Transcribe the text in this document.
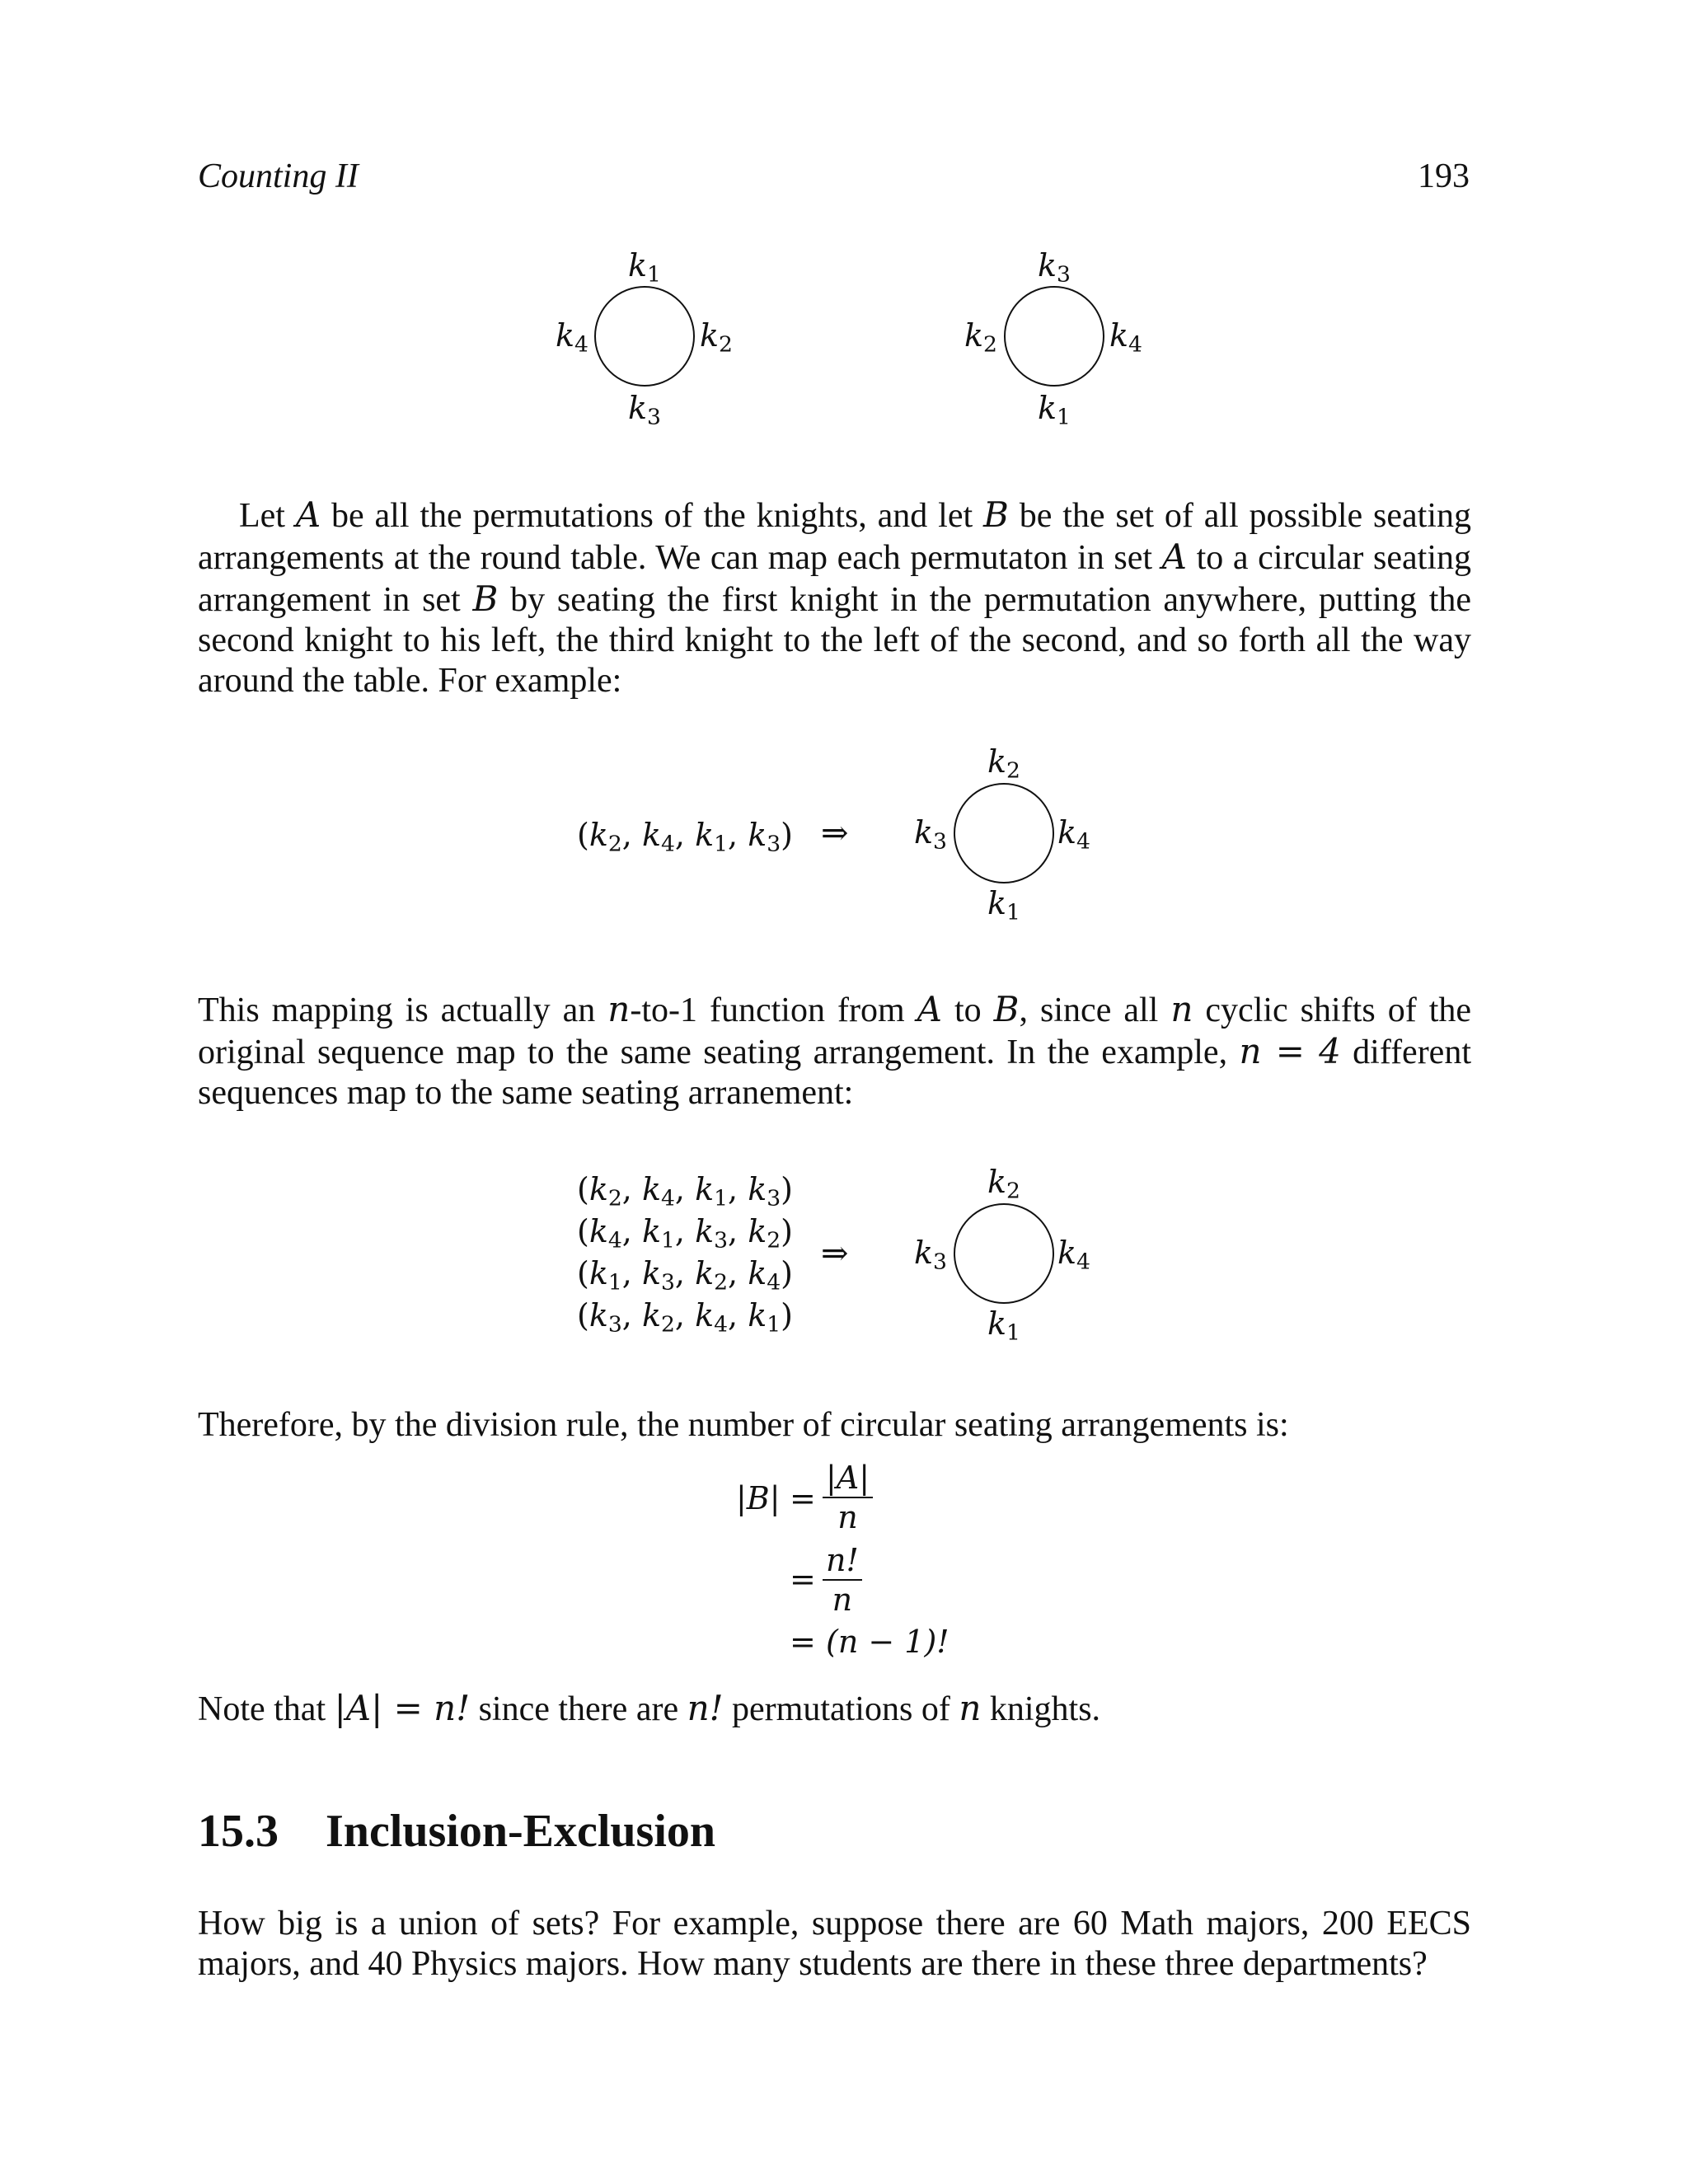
Counting II	193
$k_1$
$k_2$
$k_3$
$k_4$
$k_3$
$k_4$
$k_1$
$k_2$

Let A be all the permutations of the knights, and let B be the set of all possible seating arrangements at the round table. We can map each permutaton in set A to a circular seating arrangement in set B by seating the first knight in the permutation anywhere, putting the second knight to his left, the third knight to the left of the second, and so forth all the way around the table. For example:

($k_2$, $k_4$, $k_1$, $k_3$) ⇒
$k_2$
$k_4$
$k_1$
$k_3$

This mapping is actually an n-to-1 function from A to B, since all n cyclic shifts of the original sequence map to the same seating arrangement. In the example, n = 4 different sequences map to the same seating arranement:

($k_2$, $k_4$, $k_1$, $k_3$)
($k_4$, $k_1$, $k_3$, $k_2$)
($k_1$, $k_3$, $k_2$, $k_4$)
($k_3$, $k_2$, $k_4$, $k_1$)
⇒
$k_2$
$k_4$
$k_1$
$k_3$
Therefore, by the division rule, the number of circular seating arrangements is:
$|B| = \frac{|A|}{n}$
= $\frac{n!}{n}$
= (n − 1)!

Note that |A| = n! since there are n! permutations of n knights.

15.3 Inclusion-Exclusion
How big is a union of sets? For example, suppose there are 60 Math majors, 200 EECS majors, and 40 Physics majors. How many students are there in these three departments?
